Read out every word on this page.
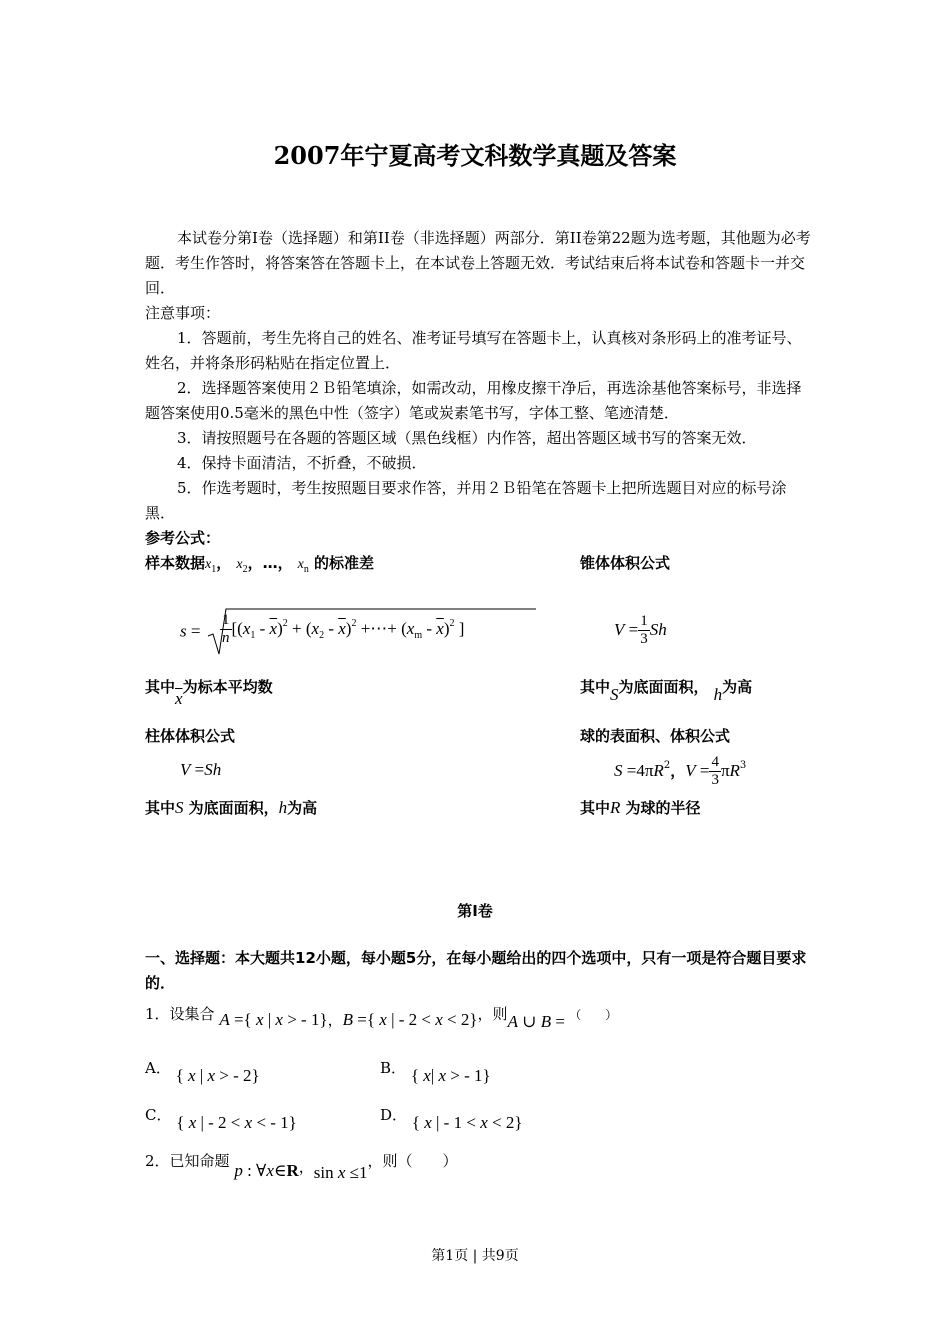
2007年宁夏高考文科数学真题及答案
本试卷分第I卷（选择题）和第II卷（非选择题）两部分．第II卷第22题为选考题，其他题为必考题．考生作答时，将答案答在答题卡上，在本试卷上答题无效．考试结束后将本试卷和答题卡一并交回．
注意事项：
1．答题前，考生先将自己的姓名、准考证号填写在答题卡上，认真核对条形码上的准考证号、姓名，并将条形码粘贴在指定位置上．
2．选择题答案使用２Ｂ铅笔填涂，如需改动，用橡皮擦干净后，再选涂基他答案标号，非选择题答案使用0.5毫米的黑色中性（签字）笔或炭素笔书写，字体工整、笔迹清楚．
3．请按照题号在各题的答题区域（黑色线框）内作答，超出答题区域书写的答案无效．
4．保持卡面清洁，不折叠，不破损．
5．作选考题时，考生按照题目要求作答，并用２Ｂ铅笔在答题卡上把所选题目对应的标号涂黑．
参考公式：
样本数据$x_1$， $x_2$，…， $x_n$ 的标准差
$s = \frac{1}{n} [(x_1 - \overline{x})^2 + (x_2 - \overline{x})^2$ +⋯+ $(x_m - \overline{x})^2$ ]
其中$\overline{x}$为标本平均数
锥体体积公式
$V = \frac{1}{3}$ Sh
其中S为底面面积， h为高
柱体体积公式
V =Sh
其中S 为底面面积，h为高
球的表面积、体积公式
$S =4\pi R^2$，$V = \frac{4}{3} \pi R^3$
其中R 为球的半径
第Ⅰ卷
一、选择题：本大题共12小题，每小题5分，在每小题给出的四个选项中，只有一项是符合题目要求的．
1．设集合 A ={ x | x > - 1}，B ={ x | - 2 < x < 2}，则A ∪ B = （　　）
A． { x | x > - 2}	B． { x| x > - 1}
C． { x | - 2 < x < - 1}	D． { x | - 1 < x < 2}
2．已知命题 p : ∀x∈R，sin x ≤1，则（　　）
第1页 | 共9页
